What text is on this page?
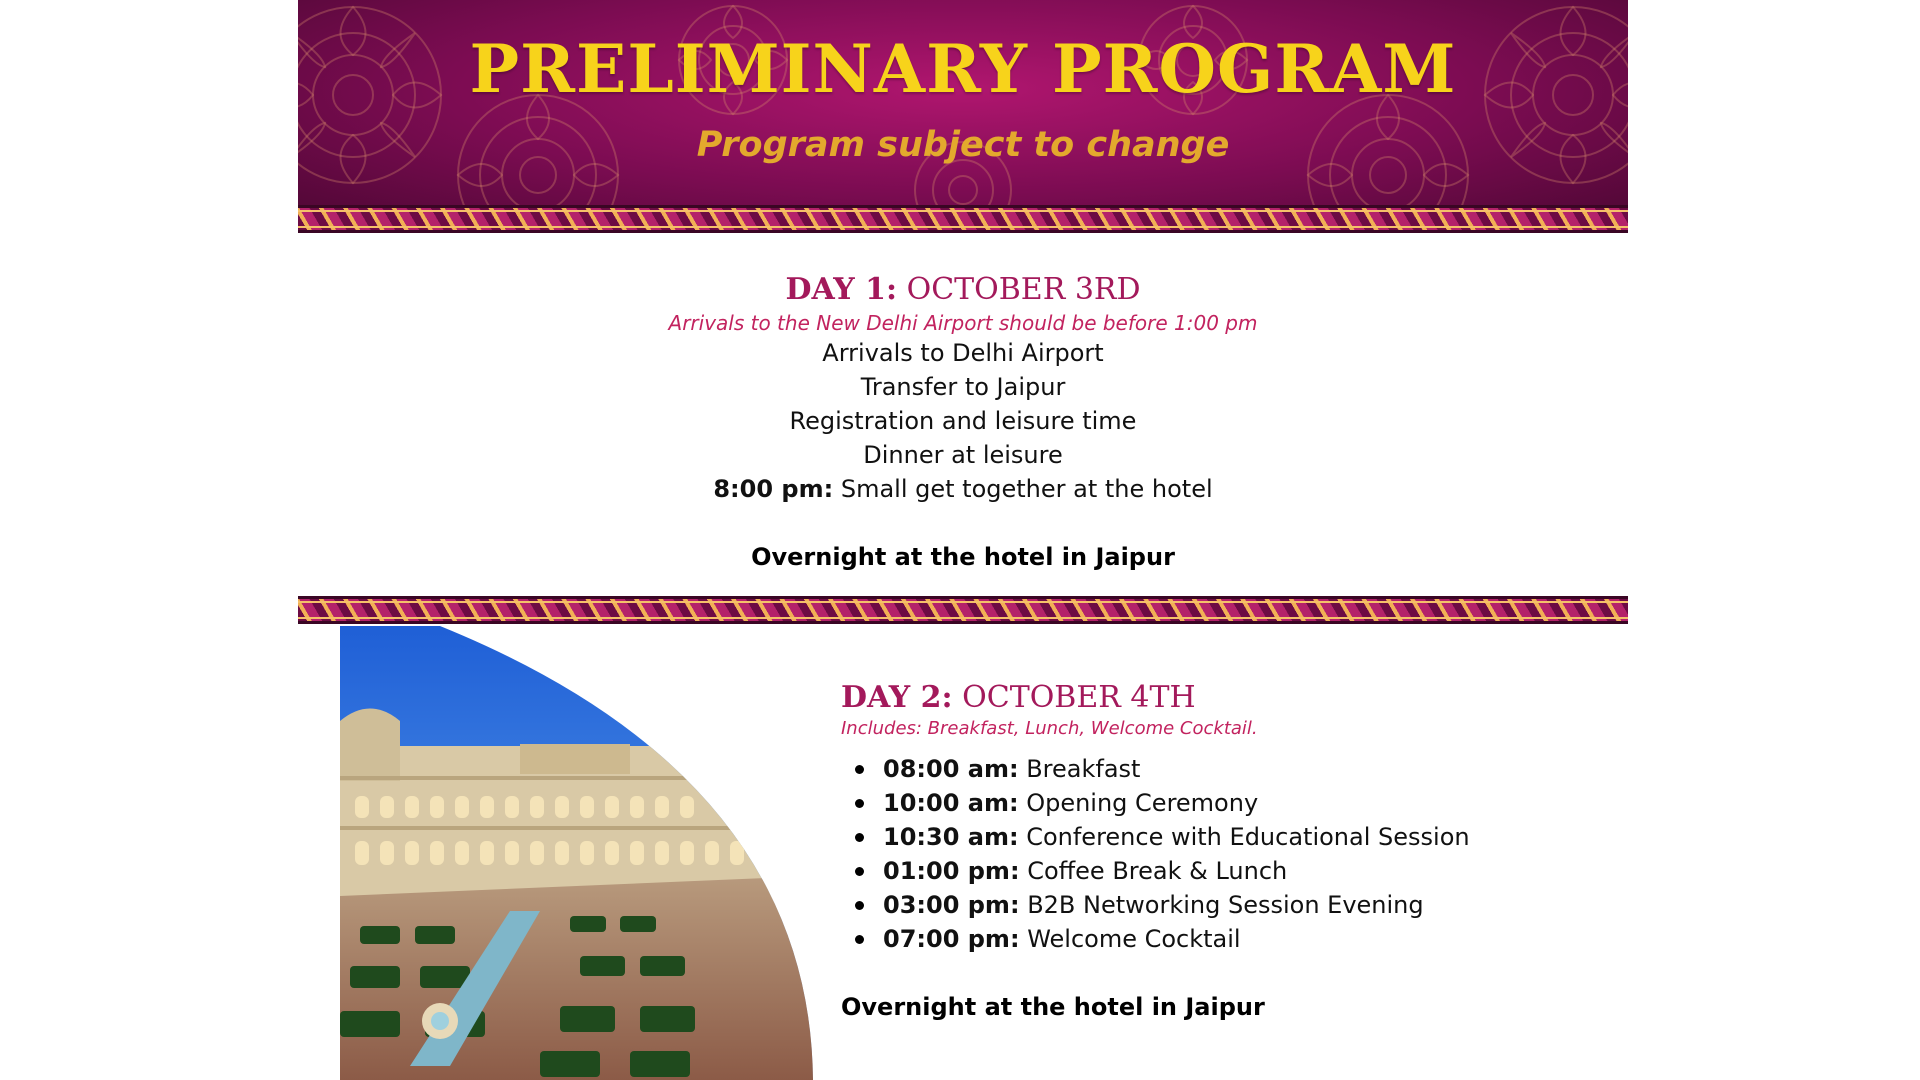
PRELIMINARY PROGRAM
Program subject to change
DAY 1: OCTOBER 3RD
Arrivals to the New Delhi Airport should be before 1:00 pm
Arrivals to Delhi Airport
Transfer to Jaipur
Registration and leisure time
Dinner at leisure
8:00 pm: Small get together at the hotel
Overnight at the hotel in Jaipur
DAY 2: OCTOBER 4TH
Includes: Breakfast, Lunch, Welcome Cocktail.
08:00 am: Breakfast
10:00 am: Opening Ceremony
10:30 am: Conference with Educational Session
01:00 pm: Coffee Break & Lunch
03:00 pm: B2B Networking Session Evening
07:00 pm: Welcome Cocktail
Overnight at the hotel in Jaipur
